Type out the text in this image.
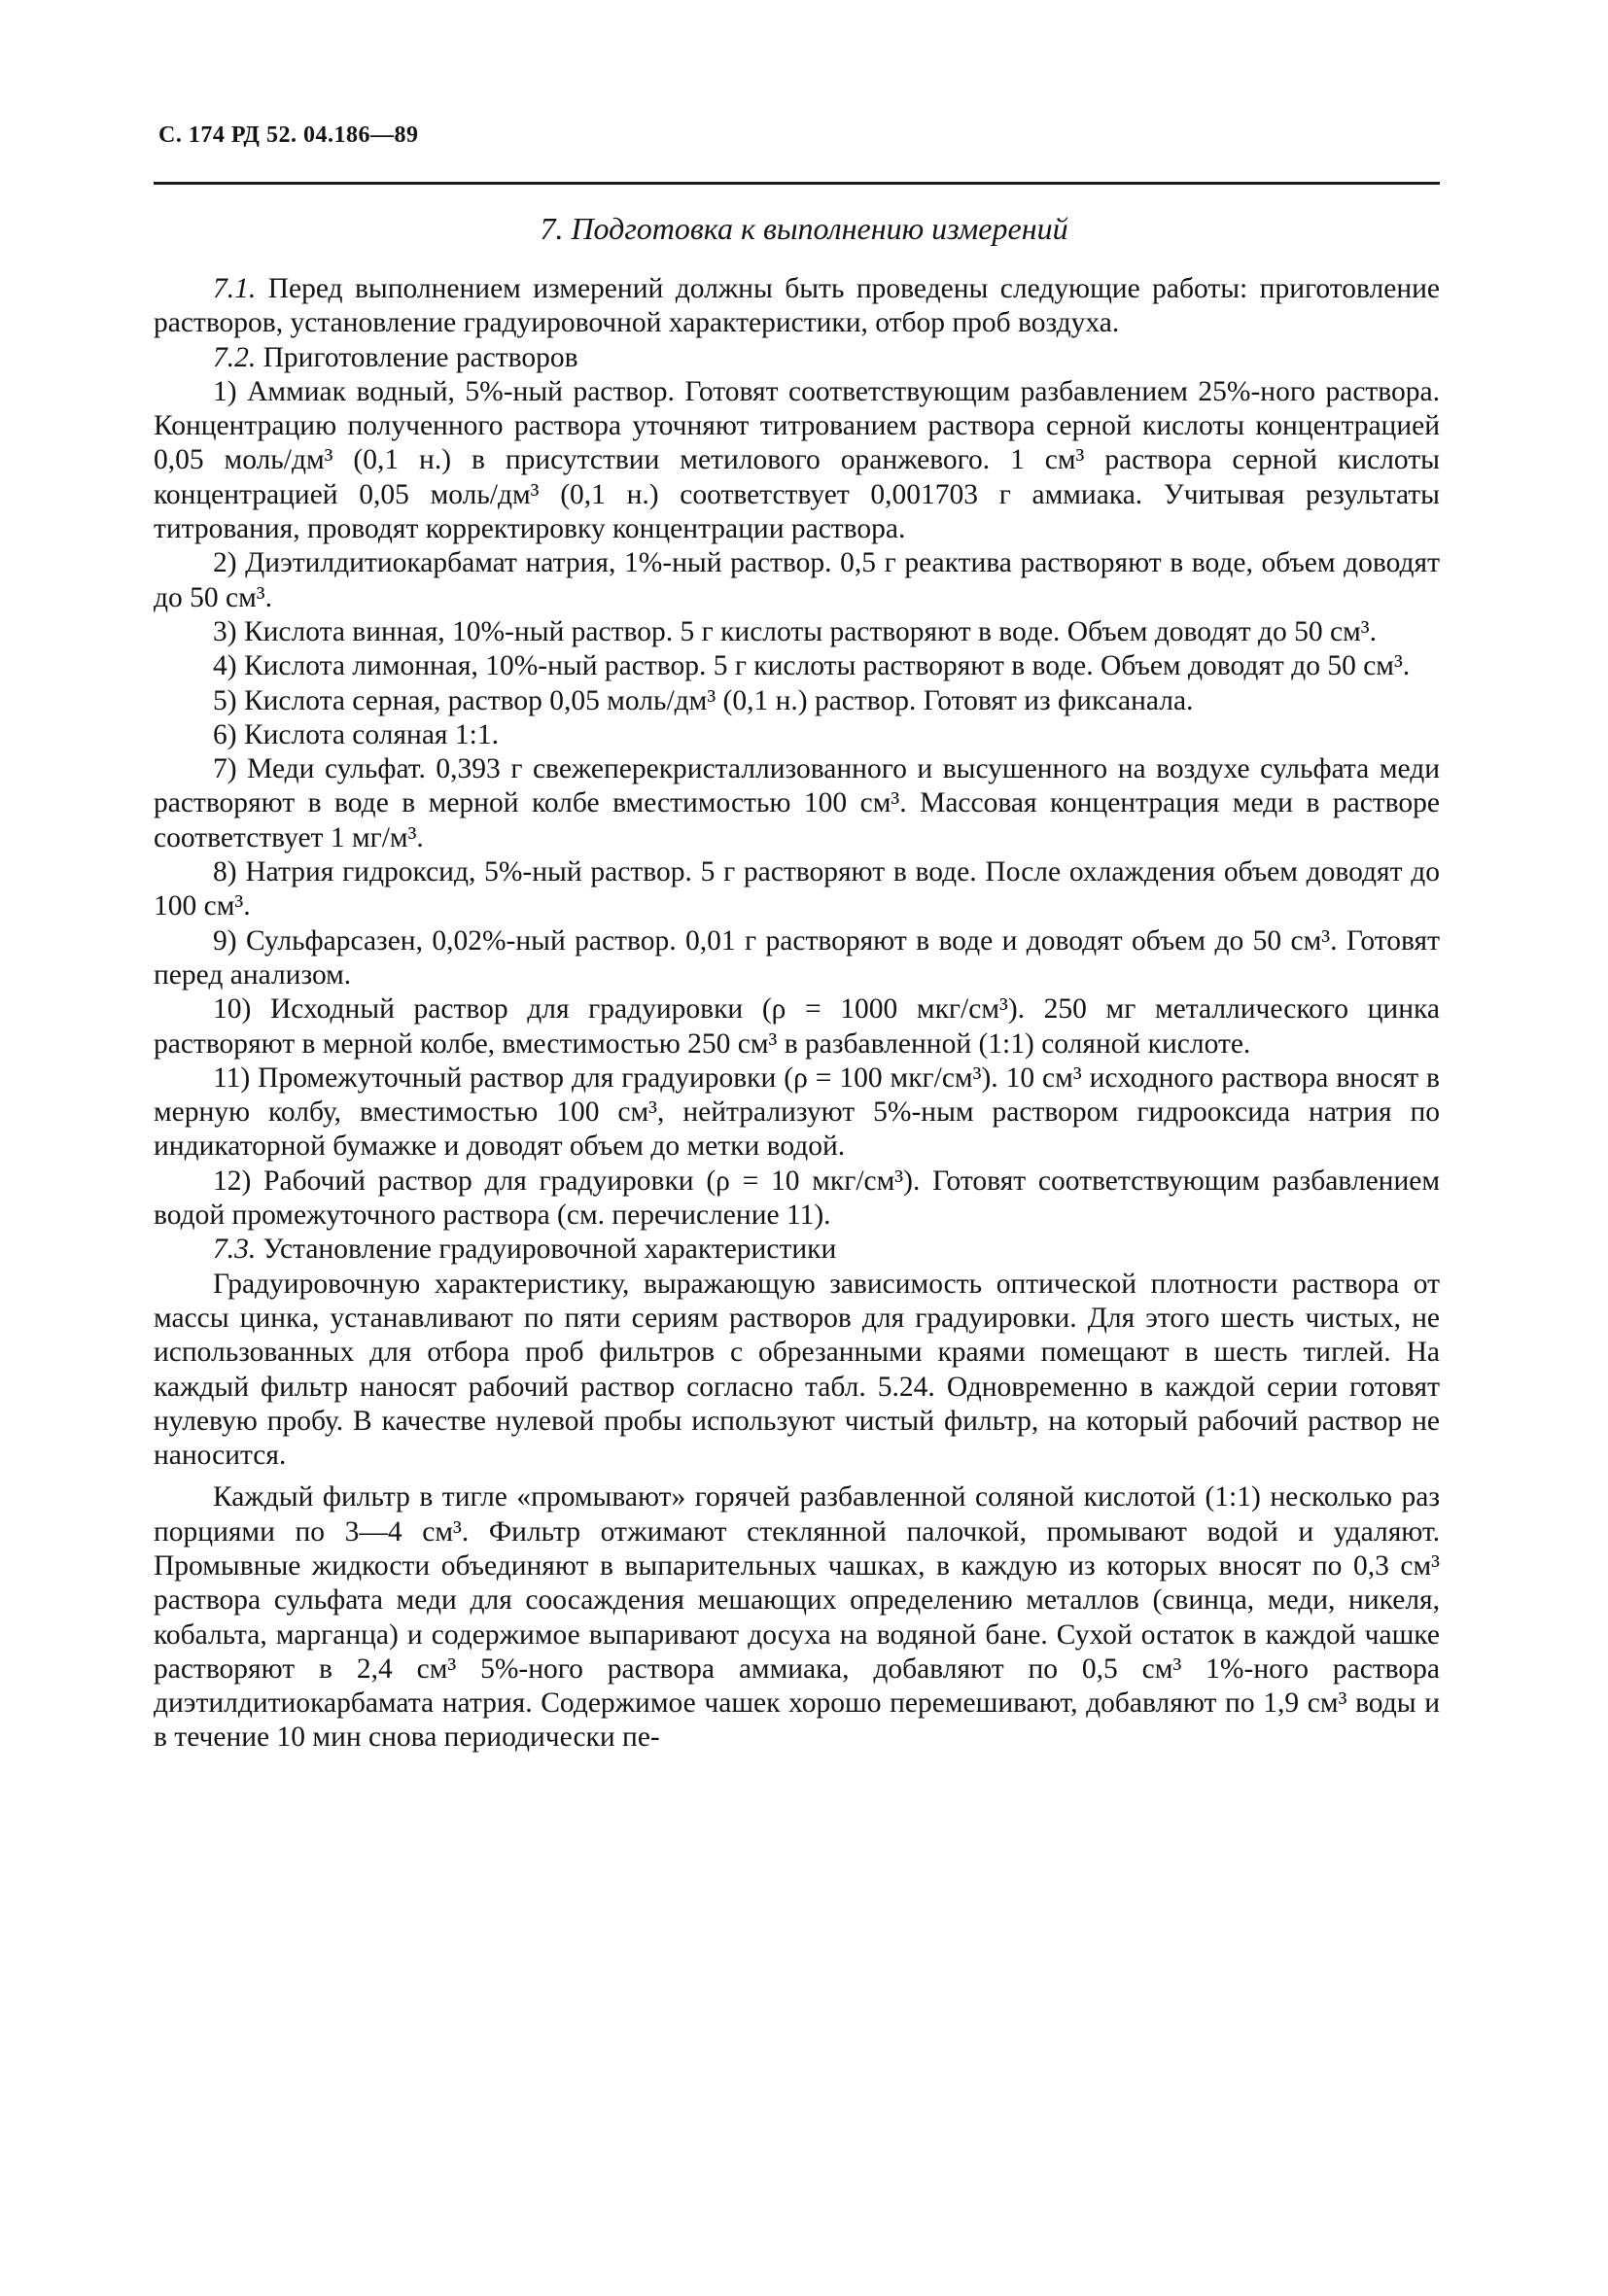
С. 174 РД 52. 04.186—89
7. Подготовка к выполнению измерений

7.1. Перед выполнением измерений должны быть проведены следующие работы: приготовление растворов, установление градуировочной характеристики, отбор проб воздуха.

7.2. Приготовление растворов

1) Аммиак водный, 5%-ный раствор. Готовят соответствующим разбавлением 25%-ного раствора. Концентрацию полученного раствора уточняют титрованием раствора серной кислоты концентрацией 0,05 моль/дм³ (0,1 н.) в присутствии метилового оранжевого. 1 см³ раствора серной кислоты концентрацией 0,05 моль/дм³ (0,1 н.) соответствует 0,001703 г аммиака. Учитывая результаты титрования, проводят корректировку концентрации раствора.

2) Диэтилдитиокарбамат натрия, 1%-ный раствор. 0,5 г реактива растворяют в воде, объем доводят до 50 см³.

3) Кислота винная, 10%-ный раствор. 5 г кислоты растворяют в воде. Объем доводят до 50 см³.

4) Кислота лимонная, 10%-ный раствор. 5 г кислоты растворяют в воде. Объем доводят до 50 см³.

5) Кислота серная, раствор 0,05 моль/дм³ (0,1 н.) раствор. Готовят из фиксанала.

6) Кислота соляная 1:1.

7) Меди сульфат. 0,393 г свежеперекристаллизованного и высушенного на воздухе сульфата меди растворяют в воде в мерной колбе вместимостью 100 см³. Массовая концентрация меди в растворе соответствует 1 мг/м³.

8) Натрия гидроксид, 5%-ный раствор. 5 г растворяют в воде. После охлаждения объем доводят до 100 см³.

9) Сульфарсазен, 0,02%-ный раствор. 0,01 г растворяют в воде и доводят объем до 50 см³. Готовят перед анализом.

10) Исходный раствор для градуировки (ρ = 1000 мкг/см³). 250 мг металлического цинка растворяют в мерной колбе, вместимостью 250 см³ в разбавленной (1:1) соляной кислоте.

11) Промежуточный раствор для градуировки (ρ = 100 мкг/см³). 10 см³ исходного раствора вносят в мерную колбу, вместимостью 100 см³, нейтрализуют 5%-ным раствором гидрооксида натрия по индикаторной бумажке и доводят объем до метки водой.

12) Рабочий раствор для градуировки (ρ = 10 мкг/см³). Готовят соответствующим разбавлением водой промежуточного раствора (см. перечисление 11).

7.3. Установление градуировочной характеристики

Градуировочную характеристику, выражающую зависимость оптической плотности раствора от массы цинка, устанавливают по пяти сериям растворов для градуировки. Для этого шесть чистых, не использованных для отбора проб фильтров с обрезанными краями помещают в шесть тиглей. На каждый фильтр наносят рабочий раствор согласно табл. 5.24. Одновременно в каждой серии готовят нулевую пробу. В качестве нулевой пробы используют чистый фильтр, на который рабочий раствор не наносится.

Каждый фильтр в тигле «промывают» горячей разбавленной соляной кислотой (1:1) несколько раз порциями по 3—4 см³. Фильтр отжимают стеклянной палочкой, промывают водой и удаляют. Промывные жидкости объединяют в выпарительных чашках, в каждую из которых вносят по 0,3 см³ раствора сульфата меди для соосаждения мешающих определению металлов (свинца, меди, никеля, кобальта, марганца) и содержимое выпаривают досуха на водяной бане. Сухой остаток в каждой чашке растворяют в 2,4 см³ 5%-ного раствора аммиака, добавляют по 0,5 см³ 1%-ного раствора диэтилдитиокарбамата натрия. Содержимое чашек хорошо перемешивают, добавляют по 1,9 см³ воды и в течение 10 мин снова периодически пе-
